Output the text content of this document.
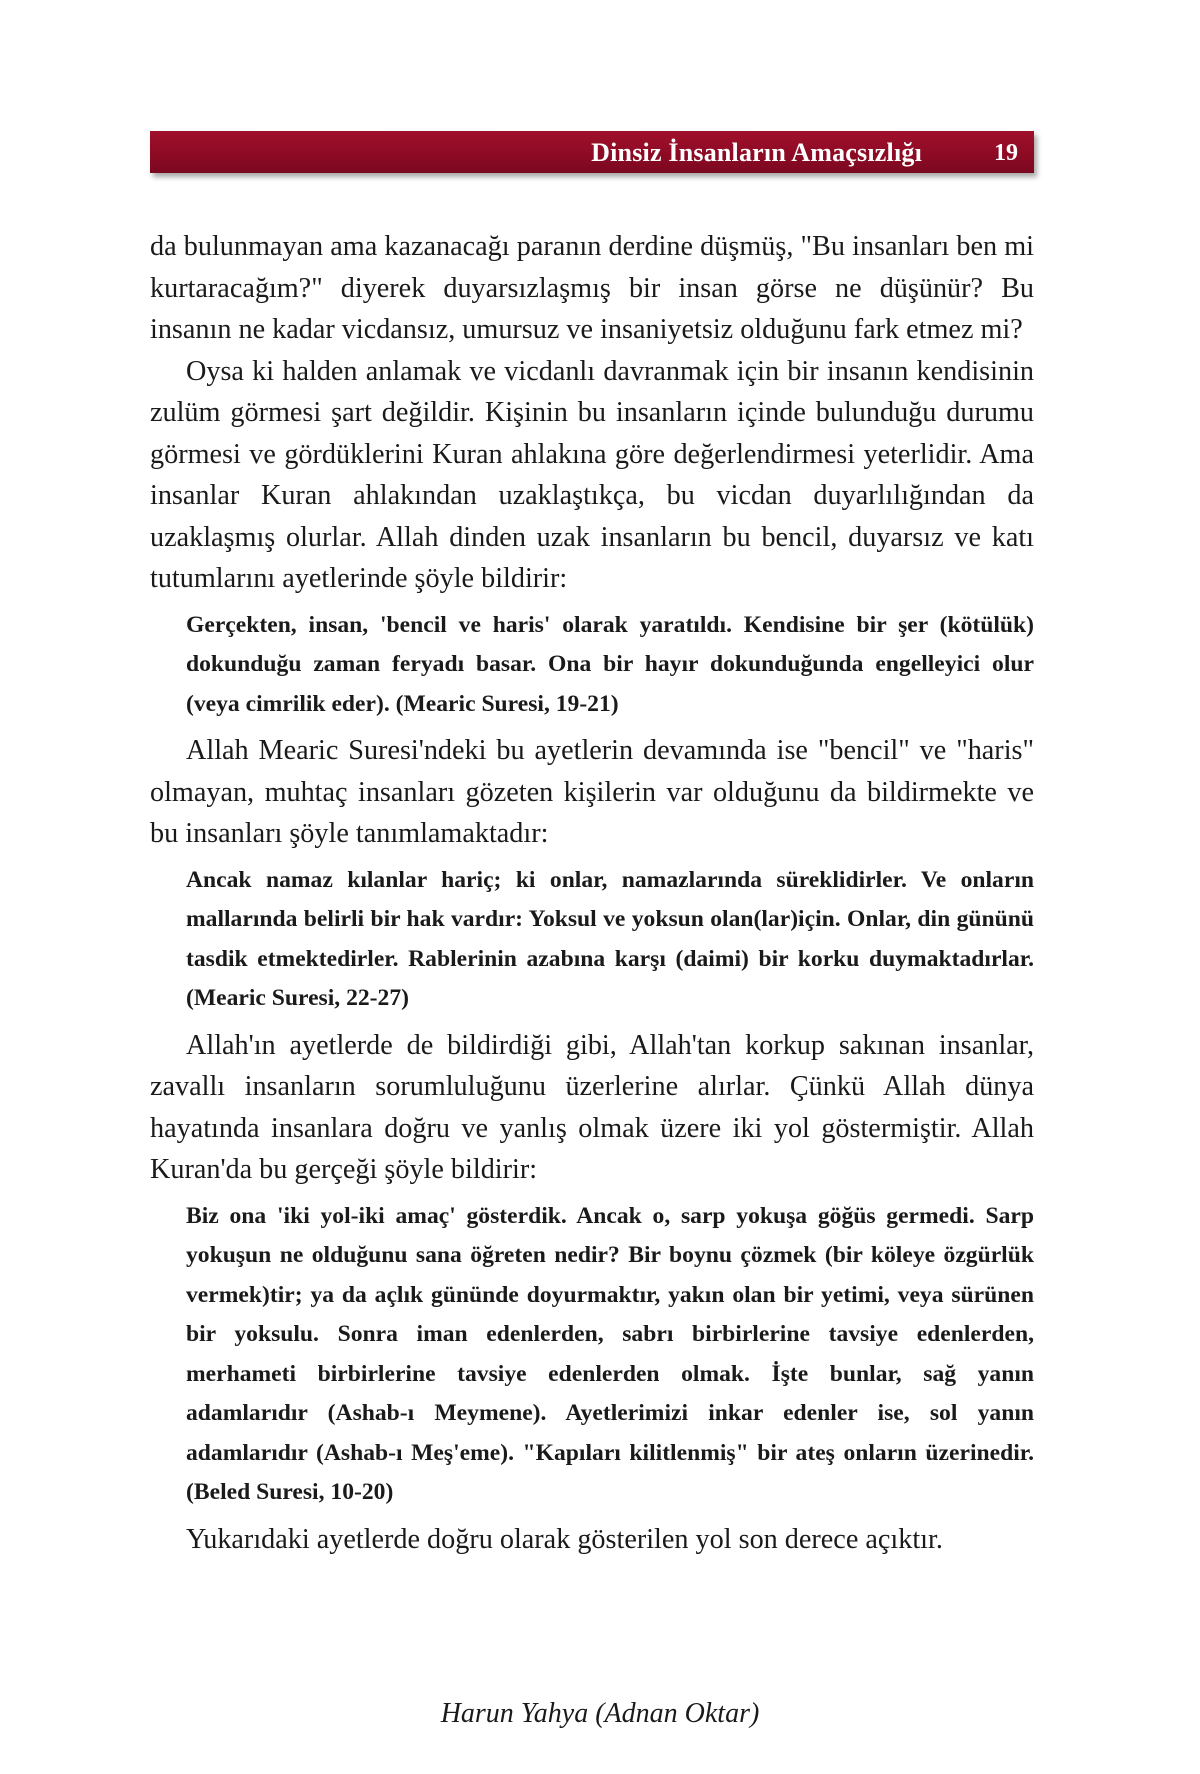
Dinsiz İnsanların Amaçsızlığı	19

da bulunmayan ama kazanacağı paranın derdine düşmüş, "Bu insanları ben mi kurtaracağım?" diyerek duyarsızlaşmış bir insan görse ne düşünür? Bu insanın ne kadar vicdansız, umursuz ve insaniyetsiz olduğunu fark etmez mi?

Oysa ki halden anlamak ve vicdanlı davranmak için bir insanın kendisinin zulüm görmesi şart değildir. Kişinin bu insanların içinde bulunduğu durumu görmesi ve gördüklerini Kuran ahlakına göre değerlendirmesi yeterlidir. Ama insanlar Kuran ahlakından uzaklaştıkça, bu vicdan duyarlılığından da uzaklaşmış olurlar. Allah dinden uzak insanların bu bencil, duyarsız ve katı tutumlarını ayetlerinde şöyle bildirir:

Gerçekten, insan, 'bencil ve haris' olarak yaratıldı. Kendisine bir şer (kötülük) dokunduğu zaman feryadı basar. Ona bir hayır dokunduğunda engelleyici olur (veya cimrilik eder). (Mearic Suresi, 19-21)

Allah Mearic Suresi'ndeki bu ayetlerin devamında ise "bencil" ve "haris" olmayan, muhtaç insanları gözeten kişilerin var olduğunu da bildirmekte ve bu insanları şöyle tanımlamaktadır:

Ancak namaz kılanlar hariç; ki onlar, namazlarında süreklidirler. Ve onların mallarında belirli bir hak vardır: Yoksul ve yoksun olan(lar)için. Onlar, din gününü tasdik etmektedirler. Rablerinin azabına karşı (daimi) bir korku duymaktadırlar. (Mearic Suresi, 22-27)

Allah'ın ayetlerde de bildirdiği gibi, Allah'tan korkup sakınan insanlar, zavallı insanların sorumluluğunu üzerlerine alırlar. Çünkü Allah dünya hayatında insanlara doğru ve yanlış olmak üzere iki yol göstermiştir. Allah Kuran'da bu gerçeği şöyle bildirir:

Biz ona 'iki yol-iki amaç' gösterdik. Ancak o, sarp yokuşa göğüs germedi. Sarp yokuşun ne olduğunu sana öğreten nedir? Bir boynu çözmek (bir köleye özgürlük vermek)tir; ya da açlık gününde doyurmaktır, yakın olan bir yetimi, veya sürünen bir yoksulu. Sonra iman edenlerden, sabrı birbirlerine tavsiye edenlerden, merhameti birbirlerine tavsiye edenlerden olmak. İşte bunlar, sağ yanın adamlarıdır (Ashab-ı Meymene). Ayetlerimizi inkar edenler ise, sol yanın adamlarıdır (Ashab-ı Meş'eme). "Kapıları kilitlenmiş" bir ateş onların üzerinedir. (Beled Suresi, 10-20)

Yukarıdaki ayetlerde doğru olarak gösterilen yol son derece açıktır.

Harun Yahya (Adnan Oktar)
